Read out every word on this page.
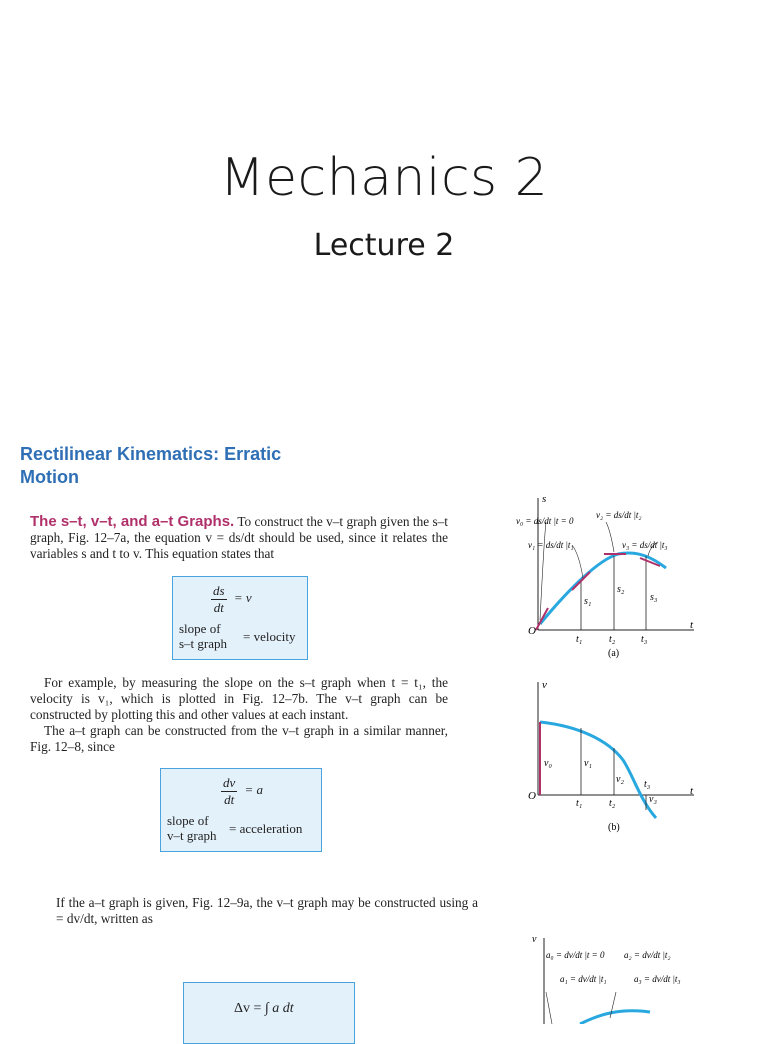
Mechanics 2
Lecture 2
Rectilinear Kinematics: Erratic Motion
The s–t, v–t, and a–t Graphs. To construct the v–t graph given the s–t graph, Fig. 12–7a, the equation v = ds/dt should be used, since it relates the variables s and t to v. This equation states that
$\frac{ds}{dt} = v$
slope of
s–t graph = velocity
For example, by measuring the slope on the s–t graph when t = t₁, the velocity is v₁, which is plotted in Fig. 12–7b. The v–t graph can be constructed by plotting this and other values at each instant.
The a–t graph can be constructed from the v–t graph in a similar manner, Fig. 12–8, since
$\frac{dv}{dt} = a$
slope of
v–t graph = acceleration
If the a–t graph is given, Fig. 12–9a, the v–t graph may be constructed using a = dv/dt, written as
Δv = ∫ a dt
s
t
O
t₁	t₂	t₃
s₁
s₂
s₃
v₀ = ds/dt |t = 0
v₂ = ds/dt |t₂
v₁ = ds/dt |t₁	v₃ = ds/dt |t₃
(a)
v
t
O
t₁	t₂
t₃
v₀	v₁
v₂
v₃
(b)
v
a₀ = dv/dt |t = 0 a₂ = dv/dt |t₂
a₁ = dv/dt |t₁	a₃ = dv/dt |t₃
